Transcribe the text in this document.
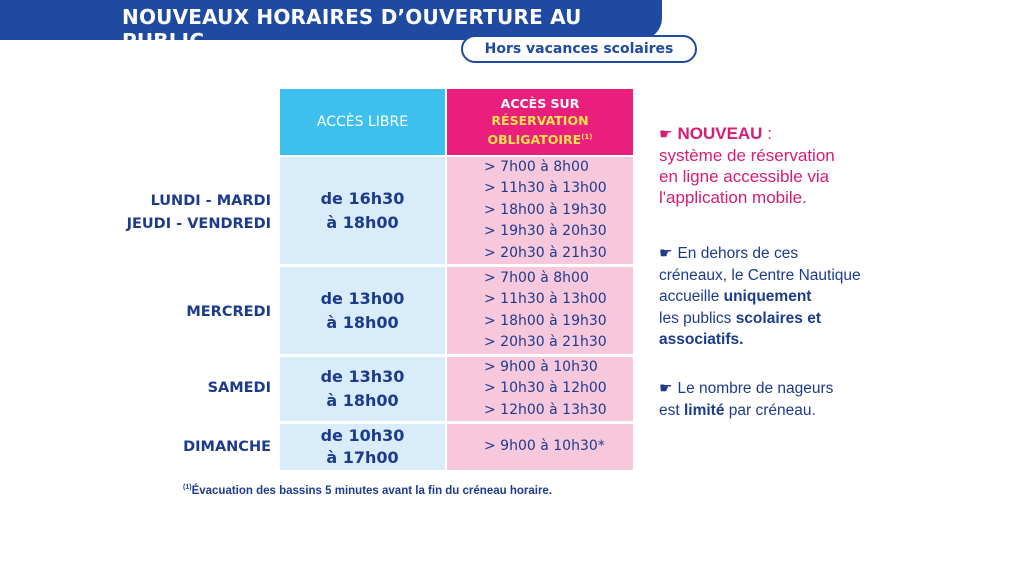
NOUVEAUX HORAIRES D’OUVERTURE AU PUBLIC	Hors vacances scolaires
ACCÈS LIBRE
ACCÈS SUR
RÉSERVATION
OBLIGATOIRE$^{(1)}$
LUNDI - MARDI
JEUDI - VENDREDI
de 16h30
à 18h00
> 7h00 à 8h00
> 11h30 à 13h00
> 18h00 à 19h30
> 19h30 à 20h30
> 20h30 à 21h30
MERCREDI
de 13h00
à 18h00
> 7h00 à 8h00
> 11h30 à 13h00
> 18h00 à 19h30
> 20h30 à 21h30
SAMEDI
de 13h30
à 18h00
> 9h00 à 10h30
> 10h30 à 12h00
> 12h00 à 13h30
DIMANCHE
de 10h30
à 17h00
> 9h00 à 10h30*
$^{(1)}$Évacuation des bassins 5 minutes avant la fin du créneau horaire.
☛ NOUVEAU :
système de réservation
en ligne accessible via
l'application mobile.
☛ En dehors de ces
créneaux, le Centre Nautique
accueille uniquement
les publics scolaires et
associatifs.
☛ Le nombre de nageurs
est limité par créneau.
